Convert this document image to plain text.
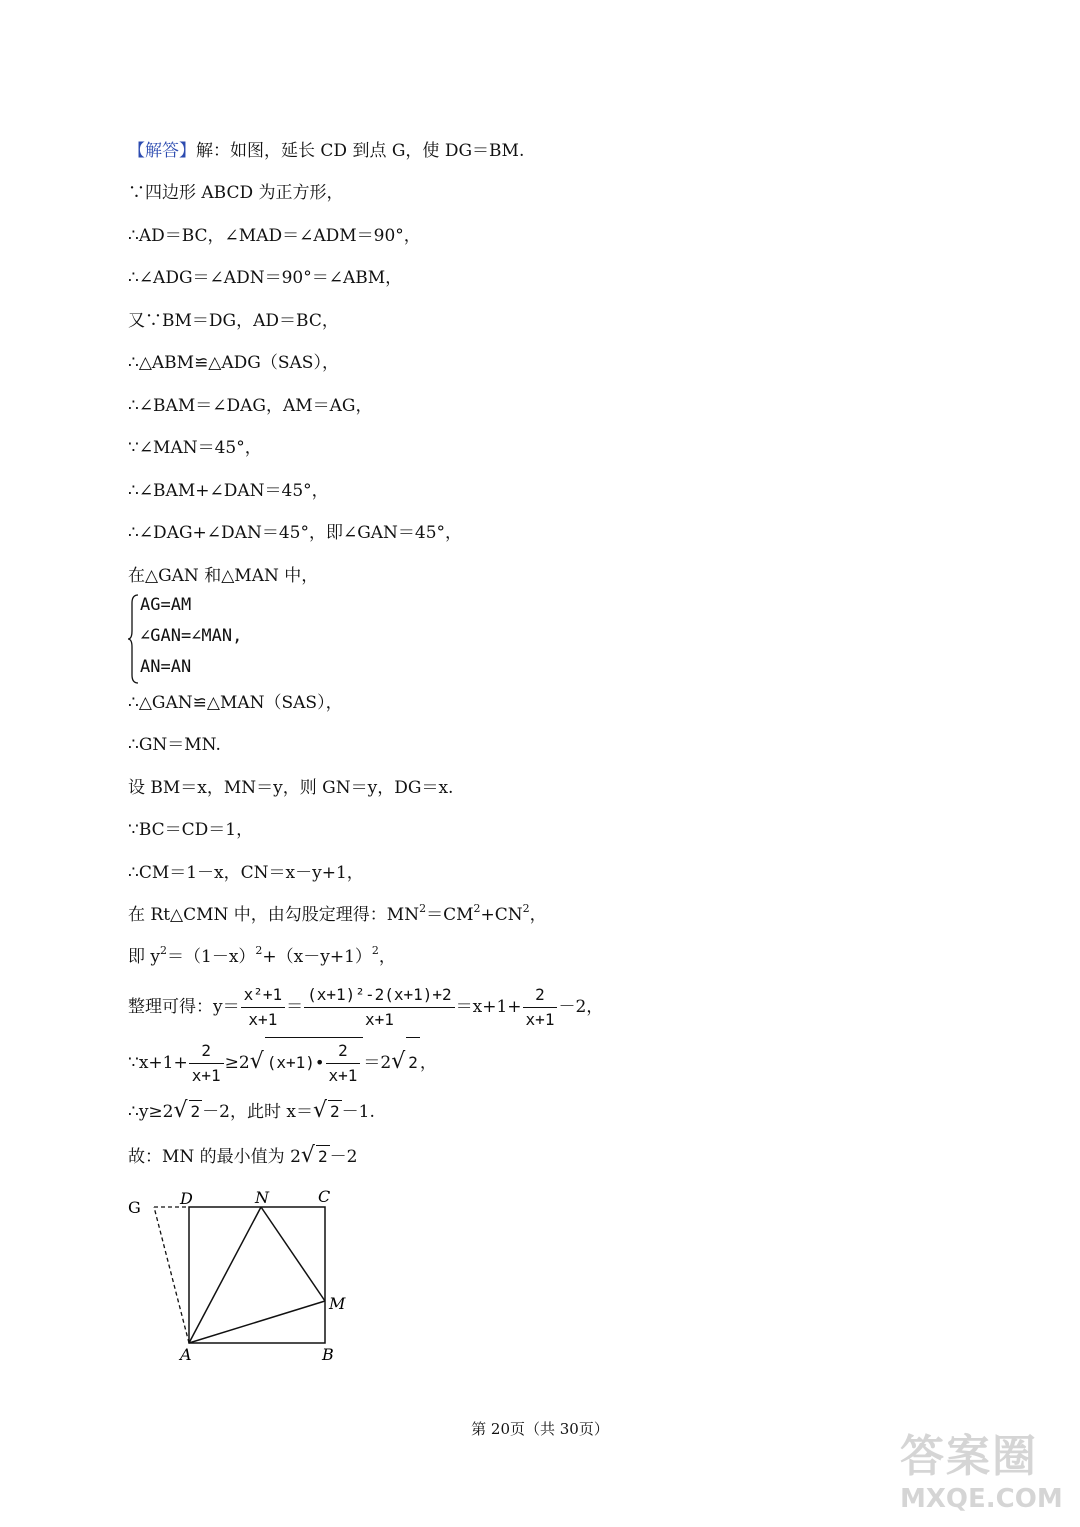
【解答】解：如图，延长 CD 到点 G，使 DG＝BM.
∵四边形 ABCD 为正方形，
∴AD＝BC，∠MAD＝∠ADM＝90°，
∴∠ADG＝∠ADN＝90°＝∠ABM，
又∵BM＝DG，AD＝BC，
∴△ABM≌△ADG（SAS），
∴∠BAM＝∠DAG，AM＝AG，
∵∠MAN＝45°，
∴∠BAM+∠DAN＝45°，
∴∠DAG+∠DAN＝45°，即∠GAN＝45°，
在△GAN 和△MAN 中，
AG=AM
∠GAN=∠MAN,
AN=AN
∴△GAN≌△MAN（SAS），
∴GN＝MN.
设 BM＝x，MN＝y，则 GN＝y，DG＝x.
∵BC＝CD＝1，
∴CM＝1－x，CN＝x－y+1，
在 Rt△CMN 中，由勾股定理得：$MN^2=CM^2+CN^2$，
即 $y^2=(1-x)^2+(x-y+1)^2$，
整理可得：$y= \frac{\text{x²+1}}{x+1} = \frac{\text{(x+1)²-2(x+1)+2}}{x+1} =x+1+ \frac{2}{x+1} -2$，
∵x+1+ $\frac{2}{x+1} \ge 2√$ (x+1)• $\frac{2}{x+1} =2√$ 2 ，
∴y≥2√ 2 －2，此时 x＝√ 2 －1.
故：MN 的最小值为 2√ 2 －2
G D	N	C
M
A	B
第 20页（共 30页）
答案圈
MXQE.COM
